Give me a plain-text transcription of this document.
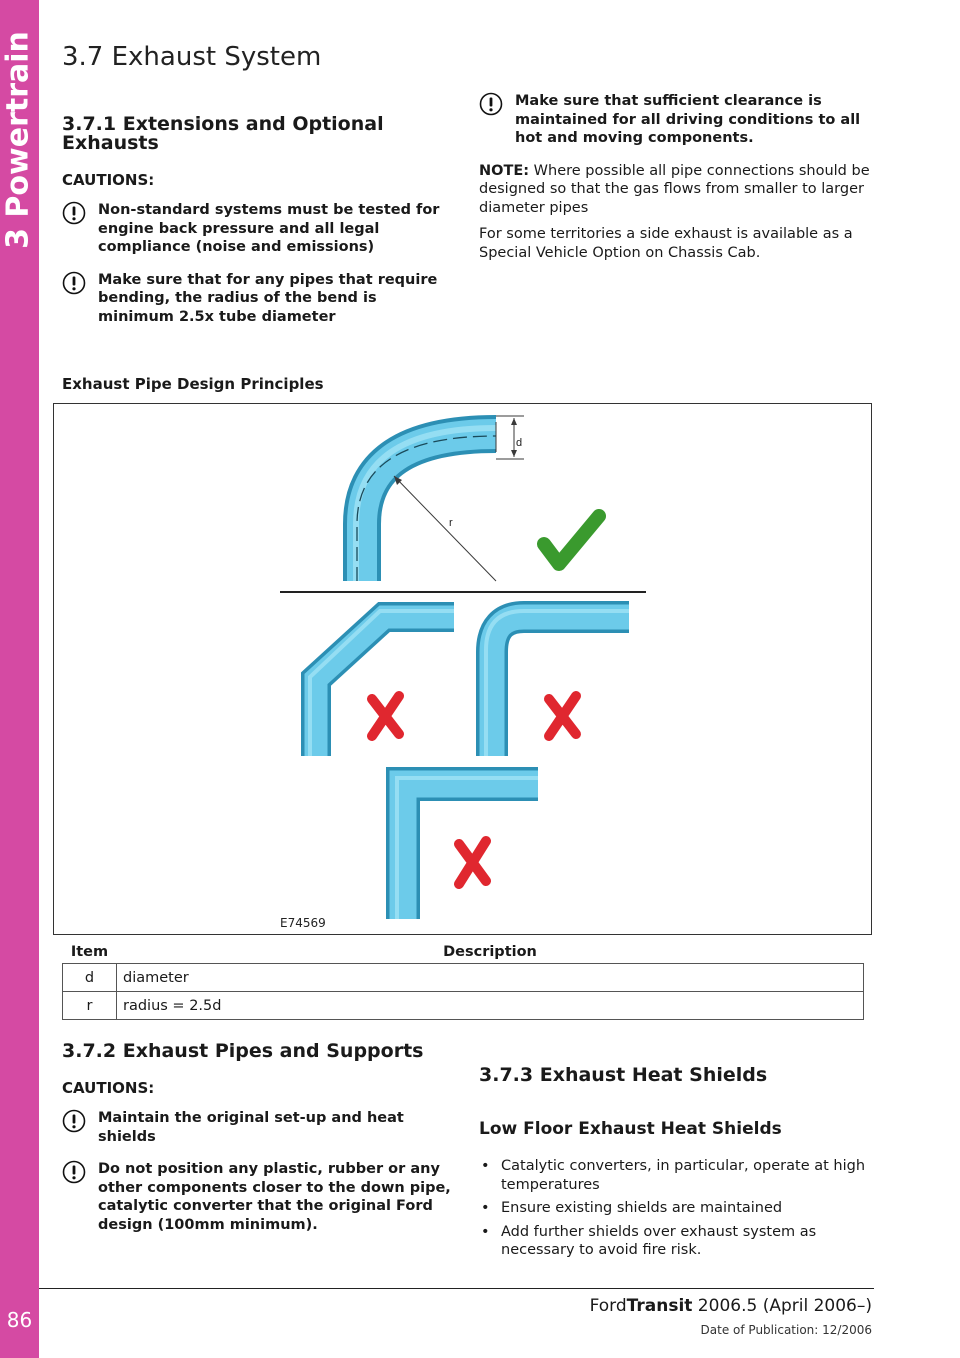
3 Powertrain
86
3.7 Exhaust System
3.7.1 Extensions and Optional Exhausts
CAUTIONS:
Non-standard systems must be tested for engine back pressure and all legal compliance (noise and emissions)
Make sure that for any pipes that require bending, the radius of the bend is minimum 2.5x tube diameter
Make sure that sufficient clearance is maintained for all driving conditions to all hot and moving components.

NOTE: Where possible all pipe connections should be designed so that the gas flows from smaller to larger diameter pipes

For some territories a side exhaust is available as a Special Vehicle Option on Chassis Cab.

Exhaust Pipe Design Principles
d
r
E74569
Item	Description
d	diameter
r	radius = 2.5d
3.7.2 Exhaust Pipes and Supports
CAUTIONS:
Maintain the original set-up and heat shields
Do not position any plastic, rubber or any other components closer to the down pipe, catalytic converter that the original Ford design (100mm minimum).
3.7.3 Exhaust Heat Shields
Low Floor Exhaust Heat Shields
• Catalytic converters, in particular, operate at high temperatures
• Ensure existing shields are maintained
• Add further shields over exhaust system as necessary to avoid fire risk.
FordTransit 2006.5 (April 2006–)
Date of Publication: 12/2006
